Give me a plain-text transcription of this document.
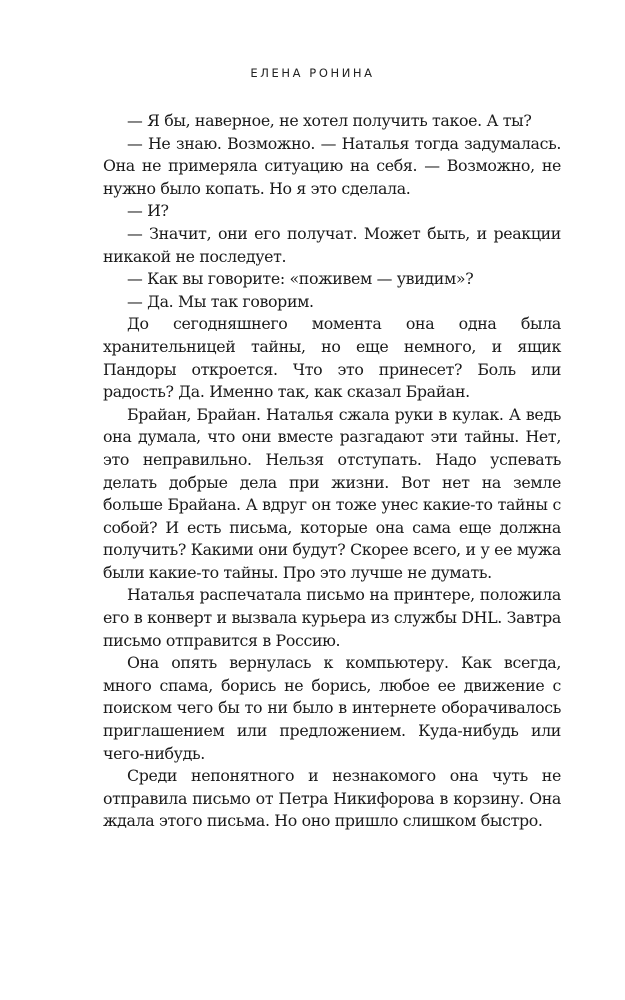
ЕЛЕНА РОНИНА

— Я бы, наверное, не хотел получить такое. А ты?

— Не знаю. Возможно. — Наталья тогда задумалась. Она не примеряла ситуацию на себя. — Возможно, не нужно было копать. Но я это сделала.

— И?

— Значит, они его получат. Может быть, и реакции никакой не последует.

— Как вы говорите: «поживем — увидим»?

— Да. Мы так говорим.

До сегодняшнего момента она одна была хранительницей тайны, но еще немного, и ящик Пандоры откроется. Что это принесет? Боль или радость? Да. Именно так, как сказал Брайан.

Брайан, Брайан. Наталья сжала руки в кулак. А ведь она думала, что они вместе разгадают эти тайны. Нет, это неправильно. Нельзя отступать. Надо успевать делать добрые дела при жизни. Вот нет на земле больше Брайана. А вдруг он тоже унес какие-то тайны с собой? И есть письма, которые она сама еще должна получить? Какими они будут? Скорее всего, и у ее мужа были какие-то тайны. Про это лучше не думать.

Наталья распечатала письмо на принтере, положила его в конверт и вызвала курьера из службы DHL. Завтра письмо отправится в Россию.

Она опять вернулась к компьютеру. Как всегда, много спама, борись не борись, любое ее движение с поиском чего бы то ни было в интернете оборачивалось приглашением или предложением. Куда-нибудь или чего-нибудь.

Среди непонятного и незнакомого она чуть не отправила письмо от Петра Никифорова в корзину. Она ждала этого письма. Но оно пришло слишком быстро.
